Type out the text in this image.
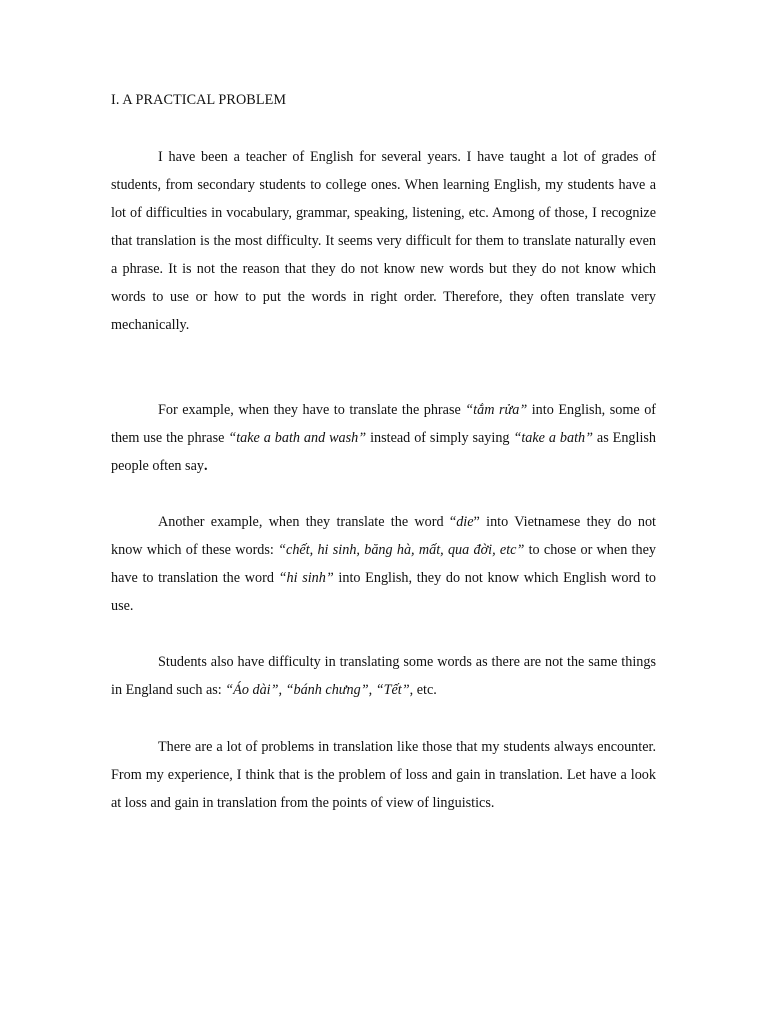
I. A PRACTICAL PROBLEM

I have been a teacher of English for several years. I have taught a lot of grades of students, from secondary students to college ones. When learning English, my students have a lot of difficulties in vocabulary, grammar, speaking, listening, etc. Among of those, I recognize that translation is the most difficulty. It seems very difficult for them to translate naturally even a phrase. It is not the reason that they do not know new words but they do not know which words to use or how to put the words in right order. Therefore, they often translate very mechanically.

For example, when they have to translate the phrase “tắm rửa” into English, some of them use the phrase “take a bath and wash” instead of simply saying “take a bath” as English people often say.

Another example, when they translate the word “die” into Vietnamese they do not know which of these words: “chết, hi sinh, băng hà, mất, qua đời, etc” to chose or when they have to translation the word “hi sinh” into English, they do not know which English word to use.

Students also have difficulty in translating some words as there are not the same things in England such as: “Áo dài”, “bánh chưng”, “Tết”, etc.

There are a lot of problems in translation like those that my students always encounter. From my experience, I think that is the problem of loss and gain in translation. Let have a look at loss and gain in translation from the points of view of linguistics.
